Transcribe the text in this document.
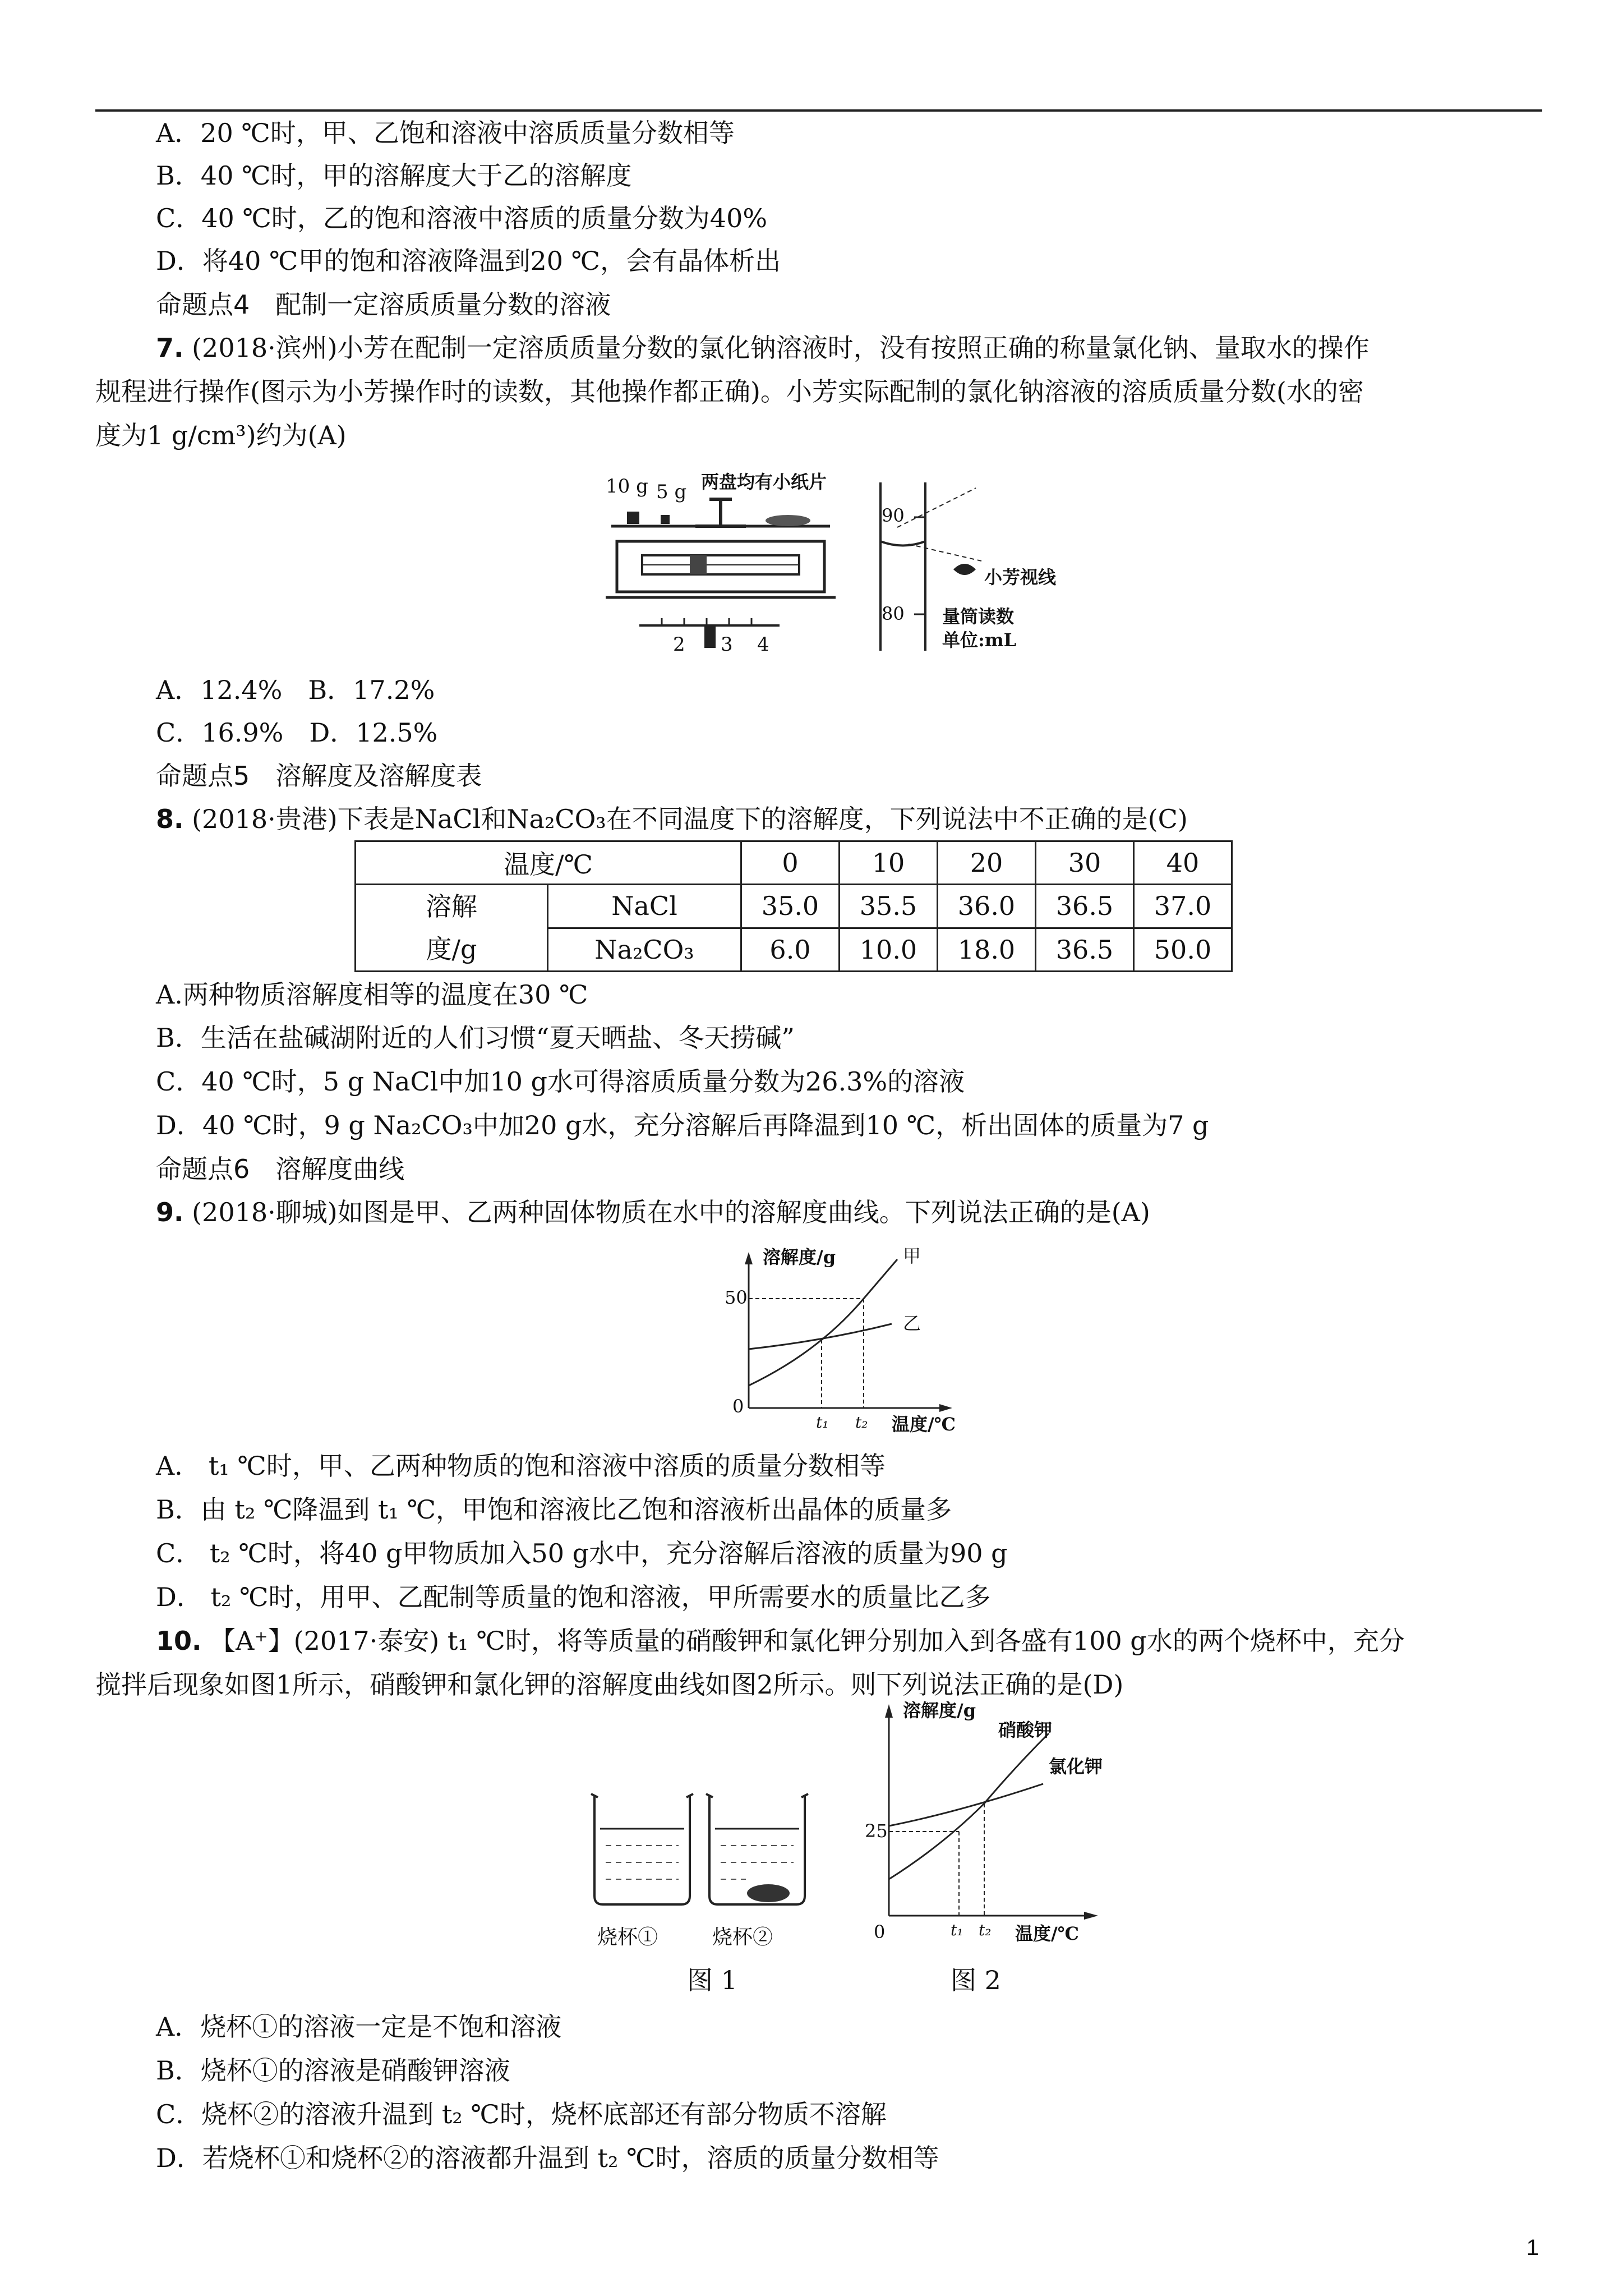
A．20 ℃时，甲、乙饱和溶液中溶质质量分数相等
B．40 ℃时，甲的溶解度大于乙的溶解度
C．40 ℃时，乙的饱和溶液中溶质的质量分数为40%
D．将40 ℃甲的饱和溶液降温到20 ℃，会有晶体析出
命题点4　配制一定溶质质量分数的溶液
7. (2018·滨州)小芳在配制一定溶质质量分数的氯化钠溶液时，没有按照正确的称量氯化钠、量取水的操作
规程进行操作(图示为小芳操作时的读数，其他操作都正确)。小芳实际配制的氯化钠溶液的溶质质量分数(水的密
度为1 g/cm³)约为(A)
10 g 5 g 两盘均有小纸片
2 3 4
90
80
小芳视线
量筒读数
单位:mL
A．12.4%　B．17.2%
C．16.9%　D．12.5%
命题点5　溶解度及溶解度表
8. (2018·贵港)下表是NaCl和Na₂CO₃在不同温度下的溶解度，下列说法中不正确的是(C)
温度/℃		0	10	20	30	40
溶解
度/g	NaCl	35.0	35.5	36.0	36.5	37.0
	Na₂CO₃	6.0	10.0	18.0	36.5	50.0
A.两种物质溶解度相等的温度在30 ℃
B．生活在盐碱湖附近的人们习惯“夏天晒盐、冬天捞碱”
C．40 ℃时，5 g NaCl中加10 g水可得溶质质量分数为26.3%的溶液
D．40 ℃时，9 g Na₂CO₃中加20 g水，充分溶解后再降温到10 ℃，析出固体的质量为7 g
命题点6　溶解度曲线
9. (2018·聊城)如图是甲、乙两种固体物质在水中的溶解度曲线。下列说法正确的是(A)
溶解度/g
温度/℃
50
0
t₁ t₂
甲
乙
A． t₁ ℃时，甲、乙两种物质的饱和溶液中溶质的质量分数相等
B．由 t₂ ℃降温到 t₁ ℃，甲饱和溶液比乙饱和溶液析出晶体的质量多
C． t₂ ℃时，将40 g甲物质加入50 g水中，充分溶解后溶液的质量为90 g
D． t₂ ℃时，用甲、乙配制等质量的饱和溶液，甲所需要水的质量比乙多
10. 【A⁺】(2017·泰安) t₁ ℃时，将等质量的硝酸钾和氯化钾分别加入到各盛有100 g水的两个烧杯中，充分
搅拌后现象如图1所示，硝酸钾和氯化钾的溶解度曲线如图2所示。则下列说法正确的是(D)
烧杯①	烧杯②
溶解度/g
温度/℃
25
0	t₁ t₂
硝酸钾
氯化钾
图 1	图 2
A．烧杯①的溶液一定是不饱和溶液
B．烧杯①的溶液是硝酸钾溶液
C．烧杯②的溶液升温到 t₂ ℃时，烧杯底部还有部分物质不溶解
D．若烧杯①和烧杯②的溶液都升温到 t₂ ℃时，溶质的质量分数相等
1
